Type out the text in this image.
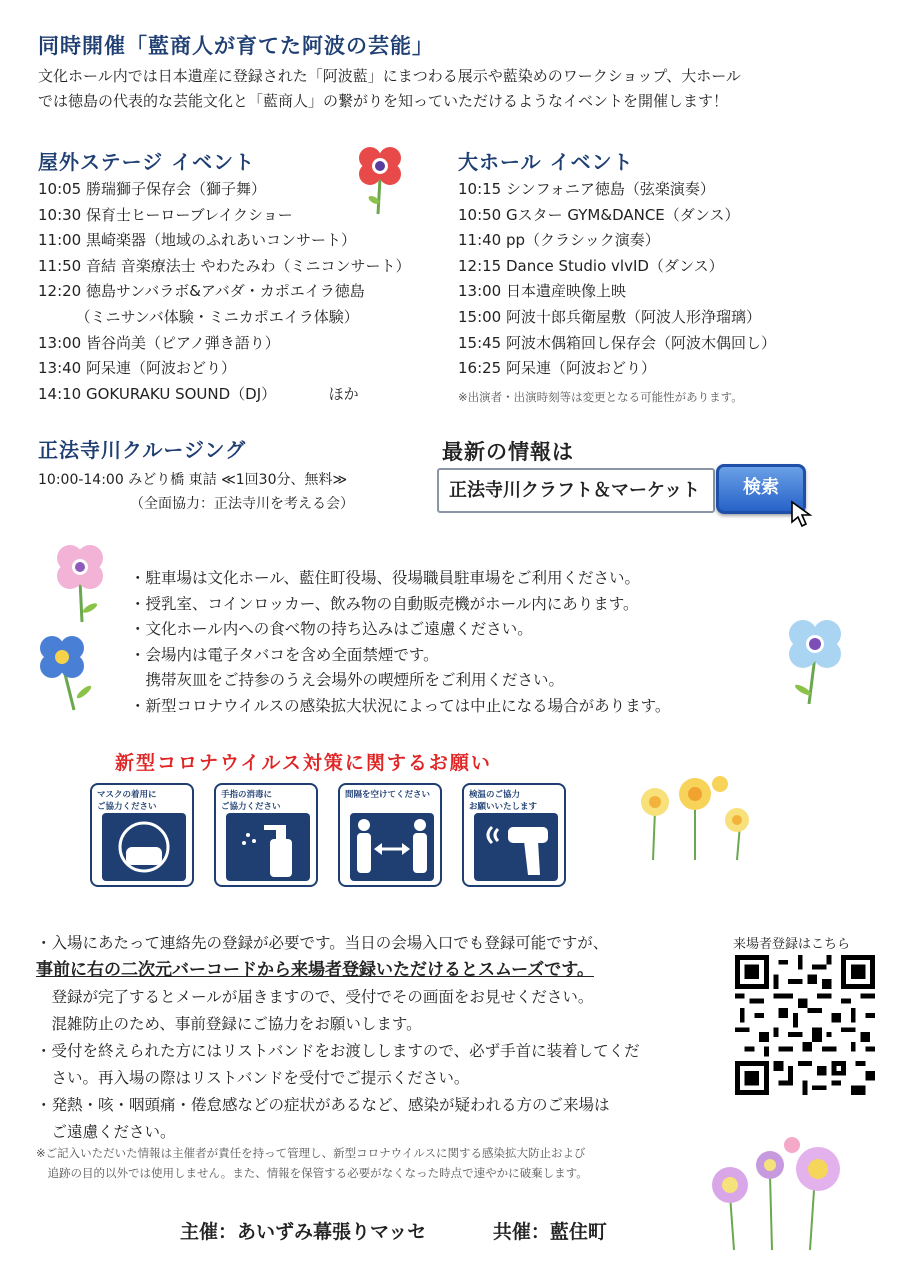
同時開催「藍商人が育てた阿波の芸能」
文化ホール内では日本遺産に登録された「阿波藍」にまつわる展示や藍染めのワークショップ、大ホール
では徳島の代表的な芸能文化と「藍商人」の繋がりを知っていただけるようなイベントを開催します！
屋外ステージ イベント
10:05 勝瑞獅子保存会（獅子舞）
10:30 保育士ヒーローブレイクショー
11:00 黒崎楽器（地域のふれあいコンサート）
11:50 音結 音楽療法士 やわたみわ（ミニコンサート）
12:20 徳島サンバラボ&アバダ・カポエイラ徳島
　　　（ミニサンバ体験・ミニカポエイラ体験）
13:00 皆谷尚美（ピアノ弾き語り）
13:40 阿呆連（阿波おどり）
14:10 GOKURAKU SOUND（DJ）　　　　ほか
大ホール イベント
10:15 シンフォニア徳島（弦楽演奏）
10:50 Gスター GYM&DANCE（ダンス）
11:40 pp（クラシック演奏）
12:15 Dance Studio vlvID（ダンス）
13:00 日本遺産映像上映
15:00 阿波十郎兵衛屋敷（阿波人形浄瑠璃）
15:45 阿波木偶箱回し保存会（阿波木偶回し）
16:25 阿呆連（阿波おどり）
※出演者・出演時刻等は変更となる可能性があります。
正法寺川クルージング
10:00-14:00 みどり橋 東詰 ≪1回30分、無料≫
（全面協力：正法寺川を考える会）
最新の情報は
正法寺川クラフト＆マーケット	検索
・駐車場は文化ホール、藍住町役場、役場職員駐車場をご利用ください。
・授乳室、コインロッカー、飲み物の自動販売機がホール内にあります。
・文化ホール内への食べ物の持ち込みはご遠慮ください。
・会場内は電子タバコを含め全面禁煙です。
　携帯灰皿をご持参のうえ会場外の喫煙所をご利用ください。
・新型コロナウイルスの感染拡大状況によっては中止になる場合があります。
新型コロナウイルス対策に関するお願い
マスクの着用に
ご協力ください
手指の消毒に
ご協力ください
間隔を空けてください	検温のご協力
お願いいたします
・入場にあたって連絡先の登録が必要です。当日の会場入口でも登録可能ですが、
事前に右の二次元バーコードから来場者登録いただけるとスムーズです。
　登録が完了するとメールが届きますので、受付でその画面をお見せください。
　混雑防止のため、事前登録にご協力をお願いします。
・受付を終えられた方にはリストバンドをお渡ししますので、必ず手首に装着してくだ
　さい。再入場の際はリストバンドを受付でご提示ください。
・発熱・咳・咽頭痛・倦怠感などの症状があるなど、感染が疑われる方のご来場は
　ご遠慮ください。
来場者登録はこちら
※ご記入いただいた情報は主催者が責任を持って管理し、新型コロナウイルスに関する感染拡大防止および
　追跡の目的以外では使用しません。また、情報を保管する必要がなくなった時点で速やかに破棄します。
主催：あいずみ幕張りマッセ	共催：藍住町
